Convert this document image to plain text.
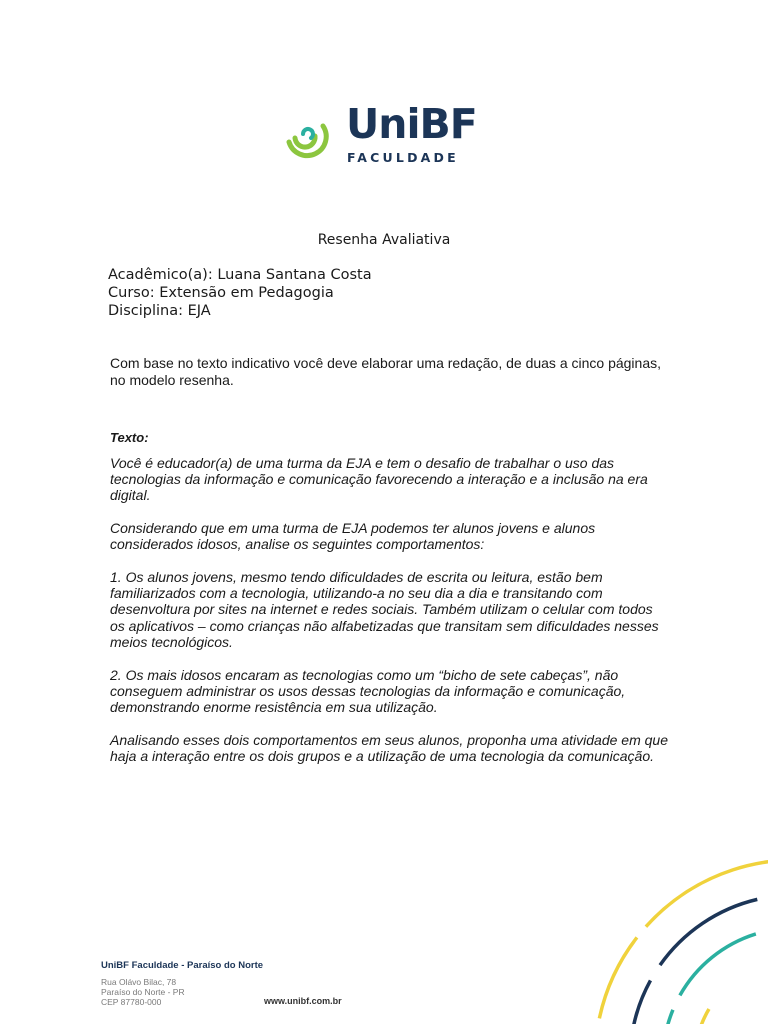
UniBF
FACULDADE
Resenha Avaliativa
Acadêmico(a): Luana Santana Costa
Curso: Extensão em Pedagogia
Disciplina: EJA
Com base no texto indicativo você deve elaborar uma redação, de duas a cinco páginas, no modelo resenha.
Texto:

Você é educador(a) de uma turma da EJA e tem o desafio de trabalhar o uso das tecnologias da informação e comunicação favorecendo a interação e a inclusão na era digital.

Considerando que em uma turma de EJA podemos ter alunos jovens e alunos considerados idosos, analise os seguintes comportamentos:

1. Os alunos jovens, mesmo tendo dificuldades de escrita ou leitura, estão bem familiarizados com a tecnologia, utilizando-a no seu dia a dia e transitando com desenvoltura por sites na internet e redes sociais. Também utilizam o celular com todos os aplicativos – como crianças não alfabetizadas que transitam sem dificuldades nesses meios tecnológicos.

2. Os mais idosos encaram as tecnologias como um “bicho de sete cabeças”, não conseguem administrar os usos dessas tecnologias da informação e comunicação, demonstrando enorme resistência em sua utilização.

Analisando esses dois comportamentos em seus alunos, proponha uma atividade em que haja a interação entre os dois grupos e a utilização de uma tecnologia da comunicação.

UniBF Faculdade - Paraíso do Norte
Rua Olávo Bilac, 78
Paraíso do Norte - PR
CEP 87780-000	www.unibf.com.br
